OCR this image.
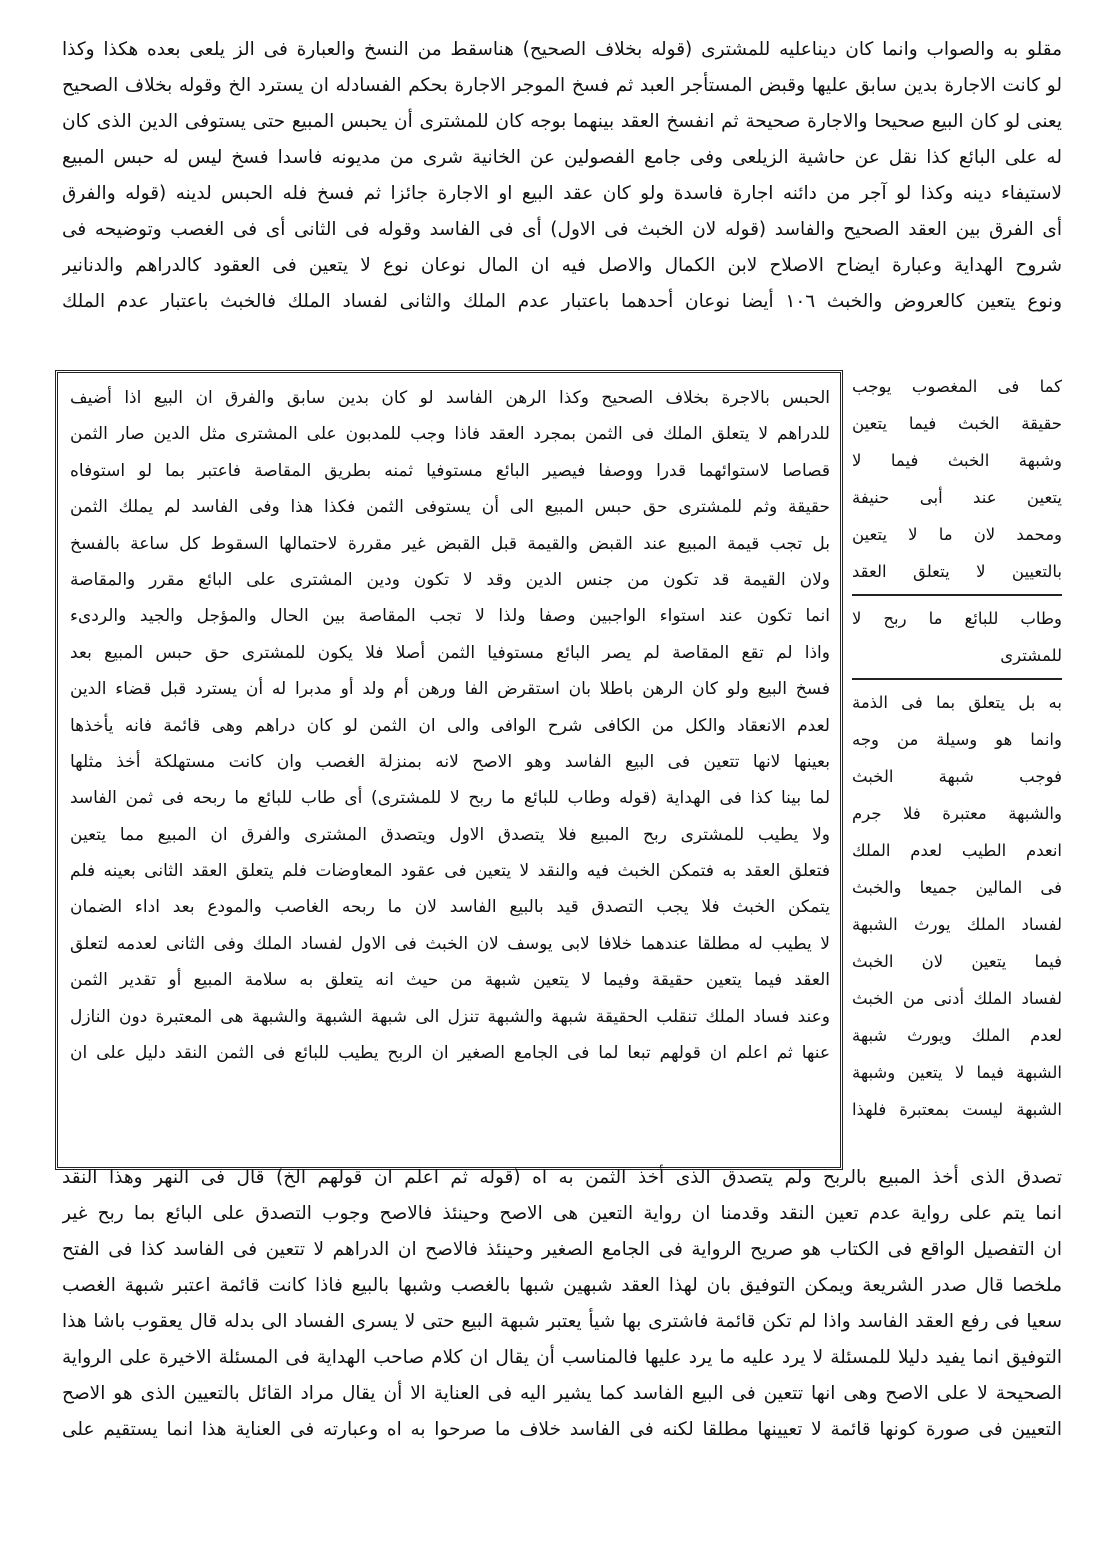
مقلو به والصواب وانما كان ديناعليه للمشترى (قوله بخلاف الصحيح) هناسقط من النسخ والعبارة فى الز يلعى بعده هكذا وكذا
لو كانت الاجارة بدين سابق عليها وقبض المستأجر العبد ثم فسخ الموجر الاجارة بحكم الفسادله ان يسترد الخ وقوله بخلاف الصحيح
يعنى لو كان البيع صحيحا والاجارة صحيحة ثم انفسخ العقد بينهما بوجه كان للمشترى أن يحبس المبيع حتى يستوفى الدين الذى كان
له على البائع كذا نقل عن حاشية الزيلعى وفى جامع الفصولين عن الخانية شرى من مديونه فاسدا فسخ ليس له حبس المبيع
لاستيفاء دينه وكذا لو آجر من دائنه اجارة فاسدة ولو كان عقد البيع او الاجارة جائزا ثم فسخ فله الحبس لدينه (قوله والفرق
أى الفرق بين العقد الصحيح والفاسد (قوله لان الخبث فى الاول) أى فى الفاسد وقوله فى الثانى أى فى الغصب وتوضيحه فى
شروح الهداية وعبارة ايضاح الاصلاح لابن الكمال والاصل فيه ان المال نوعان نوع لا يتعين فى العقود كالدراهم والدنانير
ونوع يتعين كالعروض والخبث ١٠٦ أيضا نوعان أحدهما باعتبار عدم الملك والثانى لفساد الملك فالخبث باعتبار عدم الملك
الحبس بالاجرة بخلاف الصحيح وكذا الرهن الفاسد لو كان بدين سابق والفرق ان البيع اذا أضيف
للدراهم لا يتعلق الملك فى الثمن بمجرد العقد فاذا وجب للمدبون على المشترى مثل الدين صار الثمن
قصاصا لاستوائهما قدرا ووصفا فيصير البائع مستوفيا ثمنه بطريق المقاصة فاعتبر بما لو استوفاه
حقيقة وثم للمشترى حق حبس المبيع الى أن يستوفى الثمن فكذا هذا وفى الفاسد لم يملك الثمن
بل تجب قيمة المبيع عند القبض والقيمة قبل القبض غير مقررة لاحتمالها السقوط كل ساعة بالفسخ
ولان القيمة قد تكون من جنس الدين وقد لا تكون ودين المشترى على البائع مقرر والمقاصة
انما تكون عند استواء الواجبين وصفا ولذا لا تجب المقاصة بين الحال والمؤجل والجيد والردىء
واذا لم تقع المقاصة لم يصر البائع مستوفيا الثمن أصلا فلا يكون للمشترى حق حبس المبيع بعد
فسخ البيع ولو كان الرهن باطلا بان استقرض الفا ورهن أم ولد أو مدبرا له أن يسترد قبل قضاء الدين
لعدم الانعقاد والكل من الكافى شرح الوافى والى ان الثمن لو كان دراهم وهى قائمة فانه يأخذها
بعينها لانها تتعين فى البيع الفاسد وهو الاصح لانه بمنزلة الغصب وان كانت مستهلكة أخذ مثلها
لما بينا كذا فى الهداية (قوله وطاب للبائع ما ربح لا للمشترى) أى طاب للبائع ما ربحه فى ثمن الفاسد
ولا يطيب للمشترى ربح المبيع فلا يتصدق الاول ويتصدق المشترى والفرق ان المبيع مما يتعين
فتعلق العقد به فتمكن الخبث فيه والنقد لا يتعين فى عقود المعاوضات فلم يتعلق العقد الثانى بعينه فلم
يتمكن الخبث فلا يجب التصدق قيد بالبيع الفاسد لان ما ربحه الغاصب والمودع بعد اداء الضمان
لا يطيب له مطلقا عندهما خلافا لابى يوسف لان الخبث فى الاول لفساد الملك وفى الثانى لعدمه لتعلق
العقد فيما يتعين حقيقة وفيما لا يتعين شبهة من حيث انه يتعلق به سلامة المبيع أو تقدير الثمن
وعند فساد الملك تنقلب الحقيقة شبهة والشبهة تنزل الى شبهة الشبهة والشبهة هى المعتبرة دون النازل
عنها ثم اعلم ان قولهم تبعا لما فى الجامع الصغير ان الربح يطيب للبائع فى الثمن النقد دليل على ان
كما فى المغصوب يوجب
حقيقة الخبث فيما يتعين
وشبهة الخبث فيما لا
يتعين عند أبى حنيفة
ومحمد لان ما لا يتعين
بالتعيين لا يتعلق العقد
وطاب للبائع ما ربح لا
للمشترى
به بل يتعلق بما فى الذمة
وانما هو وسيلة من وجه
فوجب شبهة الخبث
والشبهة معتبرة فلا جرم
انعدم الطيب لعدم الملك
فى المالين جميعا والخبث
لفساد الملك يورث الشبهة
فيما يتعين لان الخبث
لفساد الملك أدنى من الخبث
لعدم الملك ويورث شبهة
الشبهة فيما لا يتعين وشبهة
الشبهة ليست بمعتبرة فلهذا
تصدق الذى أخذ المبيع بالربح ولم يتصدق الذى أخذ الثمن به اه (قوله ثم اعلم ان قولهم الخ) قال فى النهر وهذا النقد
انما يتم على رواية عدم تعين النقد وقدمنا ان رواية التعين هى الاصح وحينئذ فالاصح وجوب التصدق على البائع بما ربح غير
ان التفصيل الواقع فى الكتاب هو صريح الرواية فى الجامع الصغير وحينئذ فالاصح ان الدراهم لا تتعين فى الفاسد كذا فى الفتح
ملخصا قال صدر الشريعة ويمكن التوفيق بان لهذا العقد شبهين شبها بالغصب وشبها بالبيع فاذا كانت قائمة اعتبر شبهة الغصب
سعيا فى رفع العقد الفاسد واذا لم تكن قائمة فاشترى بها شيأ يعتبر شبهة البيع حتى لا يسرى الفساد الى بدله قال يعقوب باشا هذا
التوفيق انما يفيد دليلا للمسئلة لا يرد عليه ما يرد عليها فالمناسب أن يقال ان كلام صاحب الهداية فى المسئلة الاخيرة على الرواية
الصحيحة لا على الاصح وهى انها تتعين فى البيع الفاسد كما يشير اليه فى العناية الا أن يقال مراد القائل بالتعيين الذى هو الاصح
التعيين فى صورة كونها قائمة لا تعيينها مطلقا لكنه فى الفاسد خلاف ما صرحوا به اه وعبارته فى العناية هذا انما يستقيم على
